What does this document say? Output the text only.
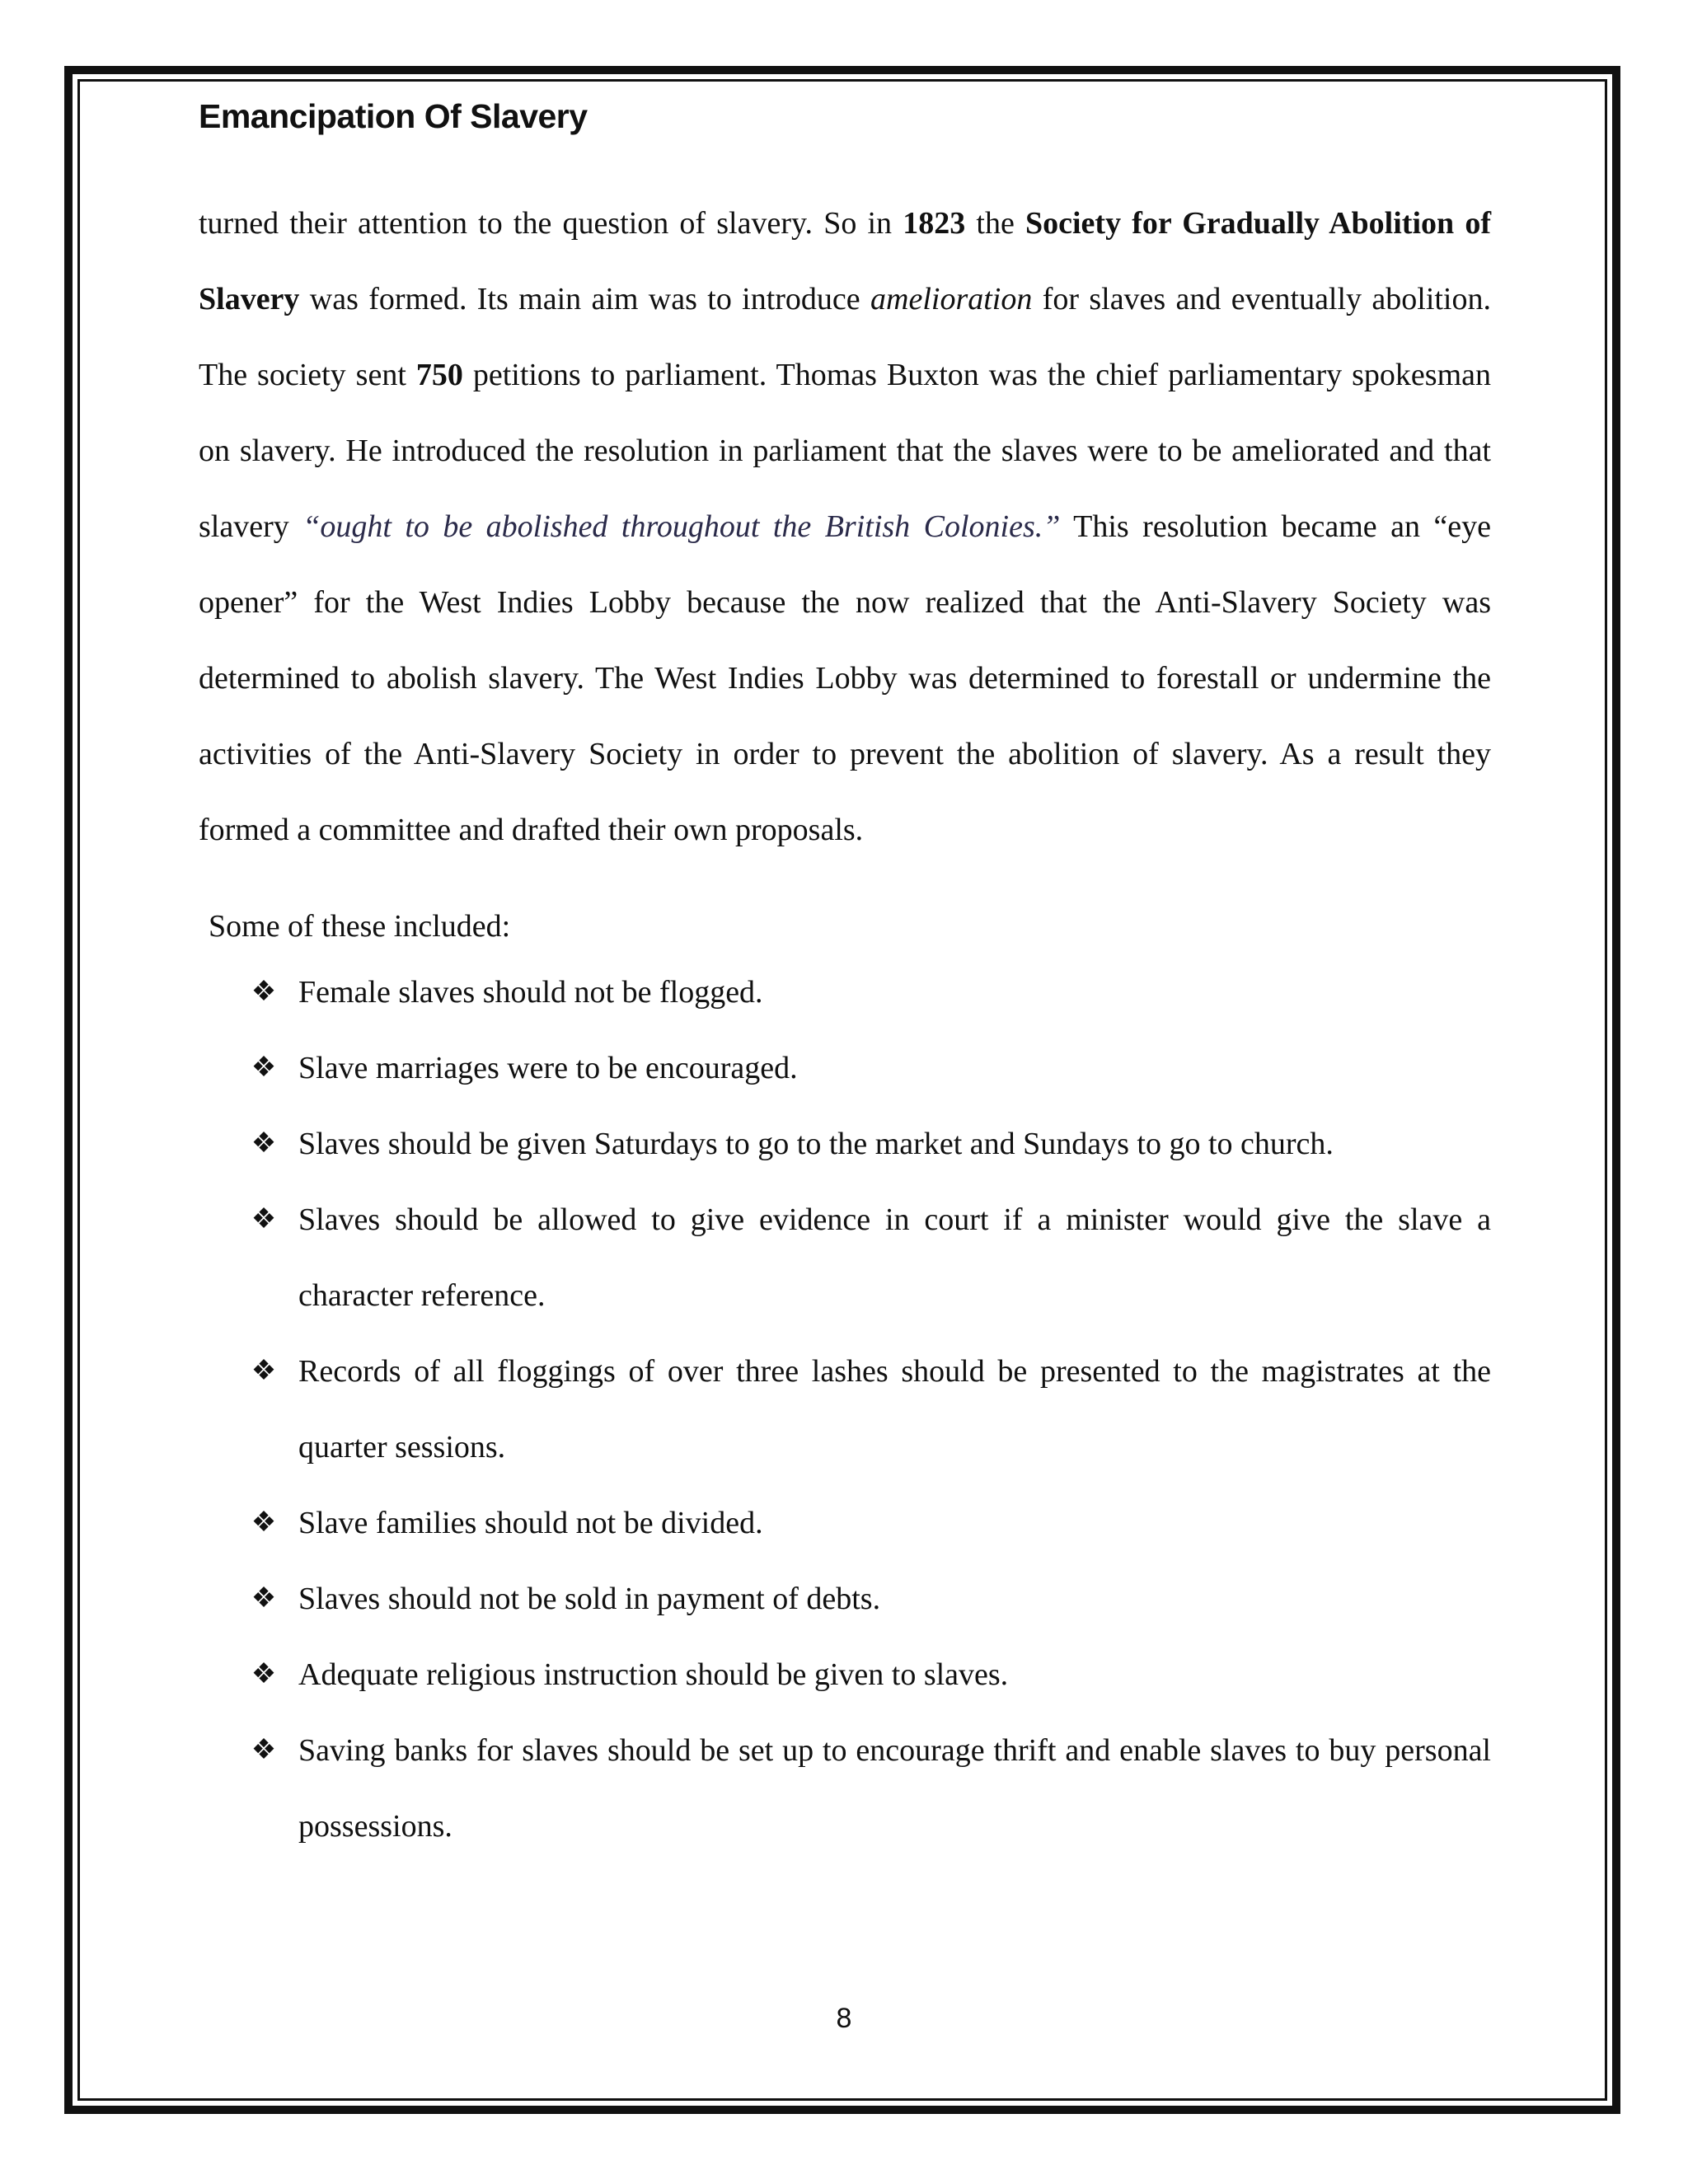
Emancipation Of Slavery

turned their attention to the question of slavery. So in 1823 the Society for Gradually Abolition of Slavery was formed. Its main aim was to introduce amelioration for slaves and eventually abolition. The society sent 750 petitions to parliament. Thomas Buxton was the chief parliamentary spokesman on slavery. He introduced the resolution in parliament that the slaves were to be ameliorated and that slavery “ought to be abolished throughout the British Colonies.” This resolution became an “eye opener” for the West Indies Lobby because the now realized that the Anti-Slavery Society was determined to abolish slavery. The West Indies Lobby was determined to forestall or undermine the activities of the Anti-Slavery Society in order to prevent the abolition of slavery. As a result they formed a committee and drafted their own proposals.

Some of these included:
❖ Female slaves should not be flogged.
❖ Slave marriages were to be encouraged.
❖ Slaves should be given Saturdays to go to the market and Sundays to go to church.
❖ Slaves should be allowed to give evidence in court if a minister would give the slave a character reference.
❖ Records of all floggings of over three lashes should be presented to the magistrates at the quarter sessions.
❖ Slave families should not be divided.
❖ Slaves should not be sold in payment of debts.
❖ Adequate religious instruction should be given to slaves.
❖ Saving banks for slaves should be set up to encourage thrift and enable slaves to buy personal possessions.
8
